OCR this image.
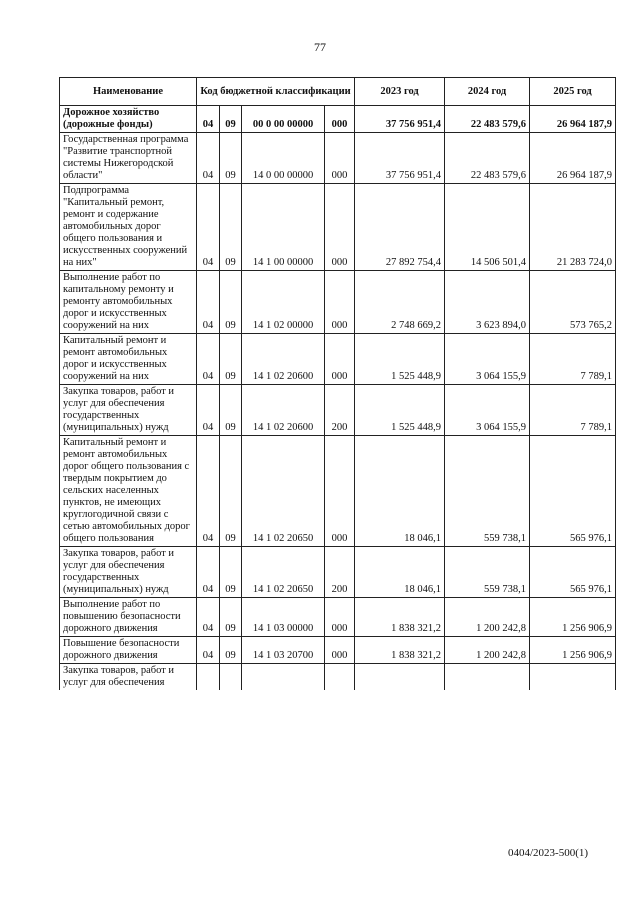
77
Наименование	Код бюджетной классификации				2023 год	2024 год	2025 год
Дорожное хозяйство (дорожные фонды)	04	09	00 0 00 00000	000	37 756 951,4	22 483 579,6	26 964 187,9
Государственная программа "Развитие транспортной системы Нижегородской области"	04	09	14 0 00 00000	000	37 756 951,4	22 483 579,6	26 964 187,9
Подпрограмма "Капитальный ремонт, ремонт и содержание автомобильных дорог общего пользования и искусственных сооружений на них"	04	09	14 1 00 00000	000	27 892 754,4	14 506 501,4	21 283 724,0
Выполнение работ по капитальному ремонту и ремонту автомобильных дорог и искусственных сооружений на них	04	09	14 1 02 00000	000	2 748 669,2	3 623 894,0	573 765,2
Капитальный ремонт и ремонт автомобильных дорог и искусственных сооружений на них	04	09	14 1 02 20600	000	1 525 448,9	3 064 155,9	7 789,1
Закупка товаров, работ и услуг для обеспечения государственных (муниципальных) нужд	04	09	14 1 02 20600	200	1 525 448,9	3 064 155,9	7 789,1
Капитальный ремонт и ремонт автомобильных дорог общего пользования с твердым покрытием до сельских населенных пунктов, не имеющих круглогодичной связи с сетью автомобильных дорог общего пользования	04	09	14 1 02 20650	000	18 046,1	559 738,1	565 976,1
Закупка товаров, работ и услуг для обеспечения государственных (муниципальных) нужд	04	09	14 1 02 20650	200	18 046,1	559 738,1	565 976,1
Выполнение работ по повышению безопасности дорожного движения	04	09	14 1 03 00000	000	1 838 321,2	1 200 242,8	1 256 906,9
Повышение безопасности дорожного движения	04	09	14 1 03 20700	000	1 838 321,2	1 200 242,8	1 256 906,9
Закупка товаров, работ и услуг для обеспечения							
0404/2023-500(1)
